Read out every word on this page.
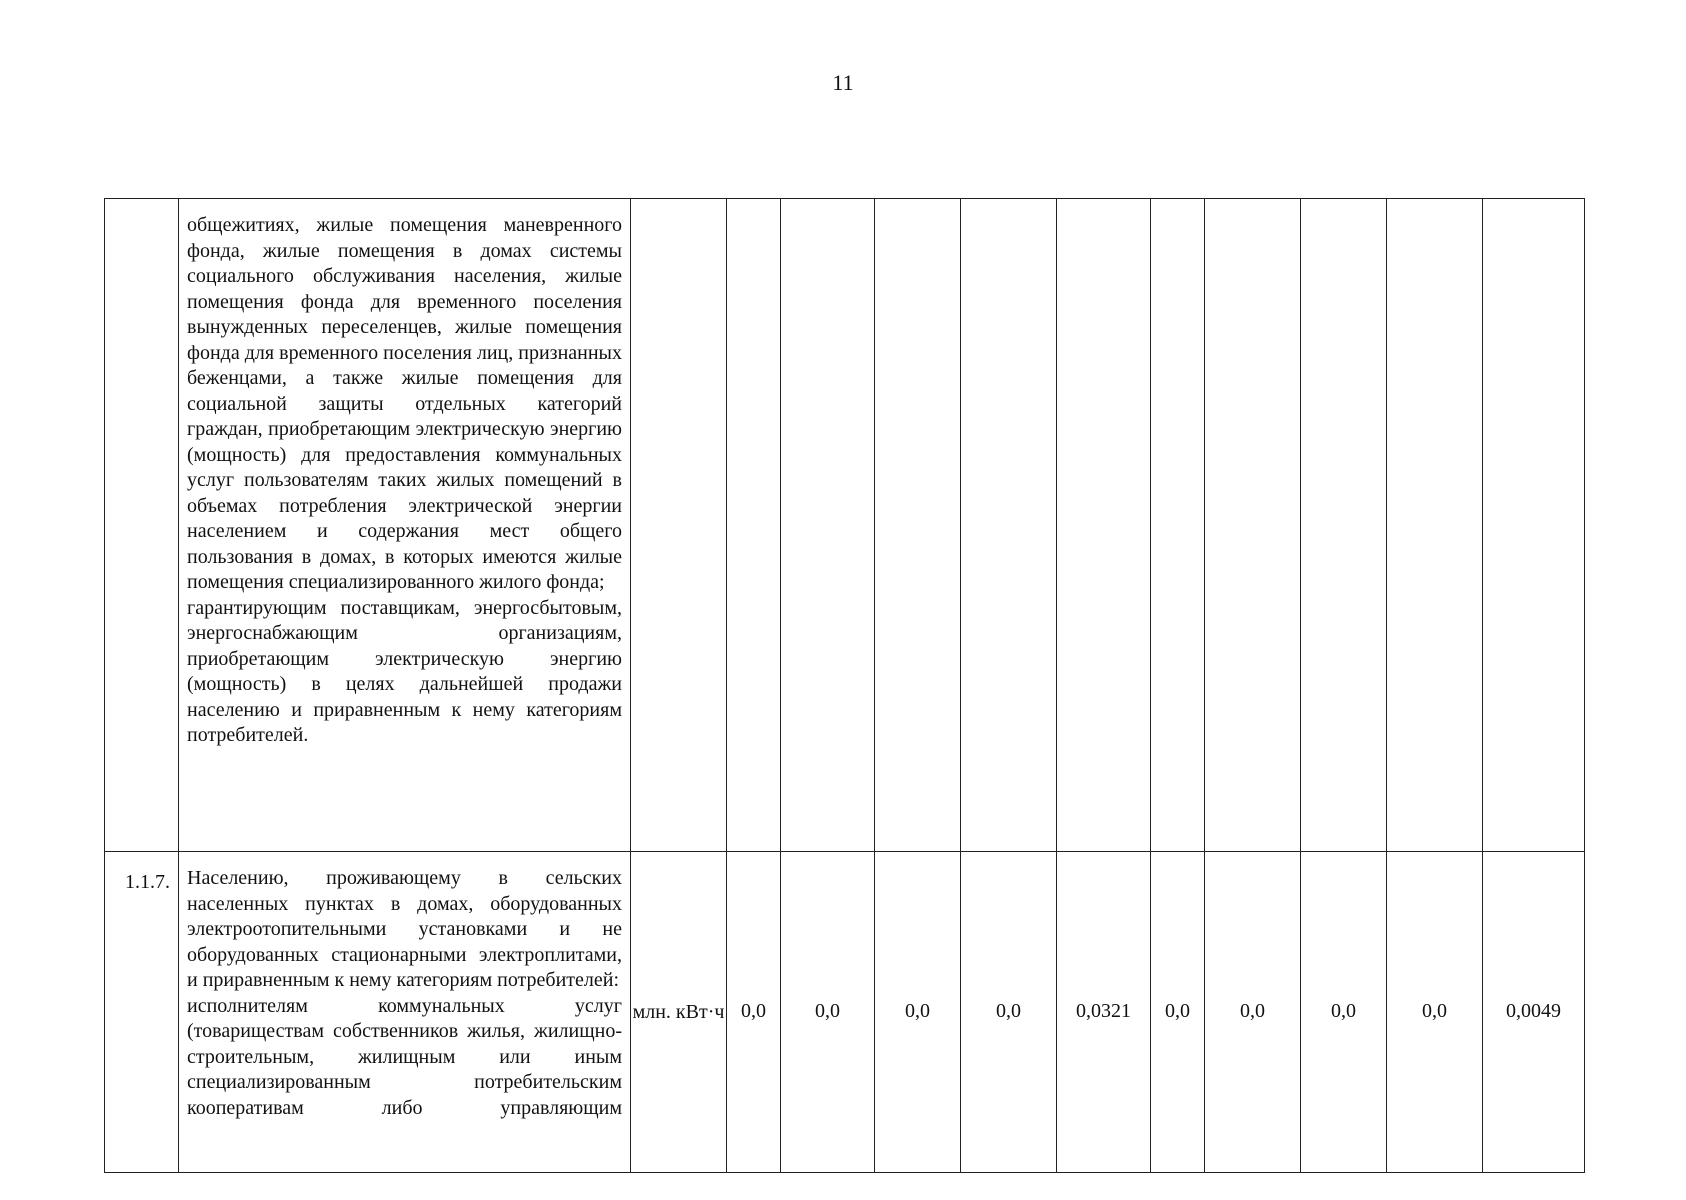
11

	общежитиях, жилые помещения маневренного фонда, жилые помещения в домах системы социального обслуживания населения, жилые помещения фонда для временного поселения вынужденных переселенцев, жилые помещения фонда для временного поселения лиц, признанных беженцами, а также жилые помещения для социальной защиты отдельных категорий граждан, приобретающим электрическую энергию (мощность) для предоставления коммунальных услуг пользователям таких жилых помещений в объемах потребления электрической энергии населением и содержания мест общего пользования в домах, в которых имеются жилые помещения специализированного жилого фонда;

гарантирующим поставщикам, энергосбытовым, энергоснабжающим организациям, приобретающим электрическую энергию (мощность) в целях дальнейшей продажи населению и приравненным к нему категориям потребителей.											

1.1.7.	Населению, проживающему в сельских населенных пунктах в домах, оборудованных электроотопительными установками и не оборудованных стационарными электроплитами, и приравненным к нему категориям потребителей:

исполнителям коммунальных услуг (товариществам собственников жилья, жилищно-строительным, жилищным или иным специализированным потребительским кооперативам либо управляющим	млн. кВт·ч	0,0	0,0	0,0	0,0	0,0321	0,0	0,0	0,0	0,0	0,0049
